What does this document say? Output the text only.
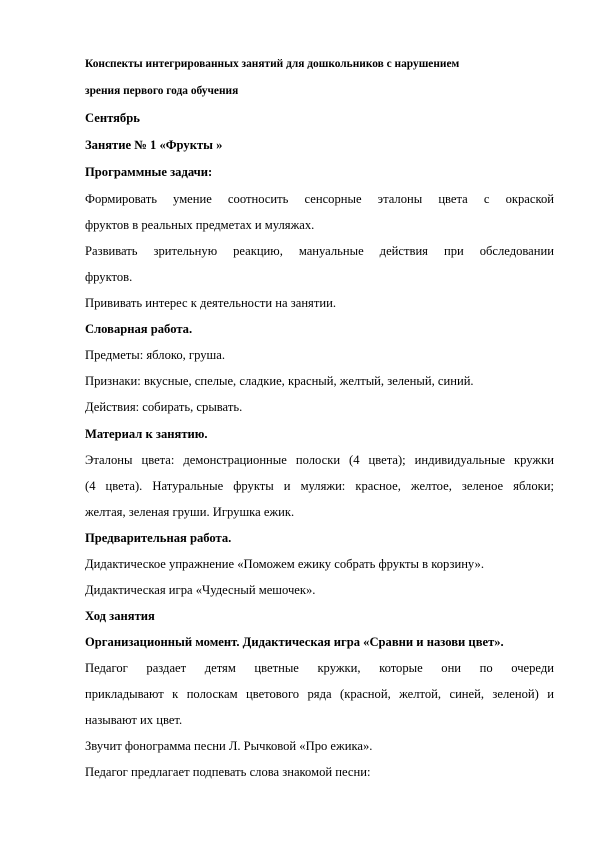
Конспекты интегрированных занятий для дошкольников с нарушением

зрения первого года обучения

Сентябрь

Занятие № 1 «Фрукты »

Программные задачи:

Формировать умение соотносить сенсорные эталоны цвета с окраской

фруктов в реальных предметах и муляжах.

Развивать зрительную реакцию, мануальные действия при обследовании

фруктов.

Прививать интерес к деятельности на занятии.

Словарная работа.

Предметы: яблоко, груша.

Признаки: вкусные, спелые, сладкие, красный, желтый, зеленый, синий.

Действия: собирать, срывать.

Материал к занятию.

Эталоны цвета: демонстрационные полоски (4 цвета); индивидуальные кружки

(4 цвета). Натуральные фрукты и муляжи: красное, желтое, зеленое яблоки;

желтая, зеленая груши. Игрушка ежик.

Предварительная работа.

Дидактическое упражнение «Поможем ежику собрать фрукты в корзину».

Дидактическая игра «Чудесный мешочек».

Ход занятия

Организационный момент. Дидактическая игра «Сравни и назови цвет».

Педагог раздает детям цветные кружки, которые они по очереди

прикладывают к полоскам цветового ряда (красной, желтой, синей, зеленой) и

называют их цвет.

Звучит фонограмма песни Л. Рычковой «Про ежика».

Педагог предлагает подпевать слова знакомой песни:
